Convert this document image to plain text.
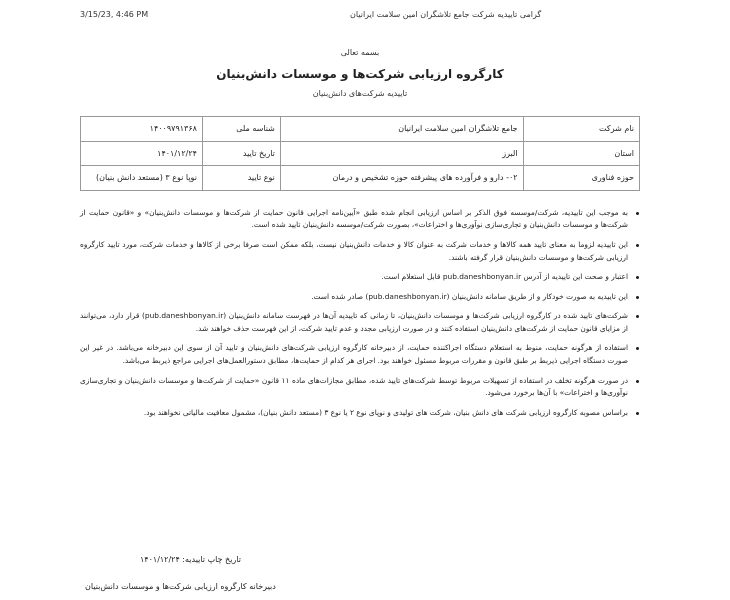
3/15/23, 4:46 PM	گرامی تاییدیه شرکت جامع تلاشگران امین سلامت ایرانیان
بسمه تعالی
کارگروه ارزیابی شرکت‌ها و موسسات دانش‌بنیان
تاییدیه شرکت‌های دانش‌بنیان
نام شرکت	جامع تلاشگران امین سلامت ایرانیان	شناسه ملی	۱۴۰۰۹۷۹۱۳۶۸
استان	البرز	تاریخ تایید	۱۴۰۱/۱۲/۲۴
حوزه فناوری	۰۲- دارو و فرآورده های پیشرفته حوزه تشخیص و درمان	نوع تایید	نوپا نوع ۳ (مستعد دانش بنیان)
به موجب این تاییدیه، شرکت/موسسه فوق الذکر بر اساس ارزیابی انجام شده طبق «آیین‌نامه اجرایی قانون حمایت از شرکت‌ها و موسسات دانش‌بنیان» و «قانون حمایت از شرکت‌ها و موسسات دانش‌بنیان و تجاری‌سازی نوآوری‌ها و اختراعات»، بصورت شرکت/موسسه دانش‌بنیان تایید شده است.
این تاییدیه لزوما به معنای تایید همه کالاها و خدمات شرکت به عنوان کالا و خدمات دانش‌بنیان نیست، بلکه ممکن است صرفا برخی از کالاها و خدمات شرکت، مورد تایید کارگروه ارزیابی شرکت‌ها و موسسات دانش‌بنیان قرار گرفته باشند.
اعتبار و صحت این تاییدیه از آدرس pub.daneshbonyan.ir قابل استعلام است.
این تاییدیه به صورت خودکار و از طریق سامانه دانش‌بنیان (pub.daneshbonyan.ir) صادر شده است.
شرکت‌های تایید شده در کارگروه ارزیابی شرکت‌ها و موسسات دانش‌بنیان، تا زمانی که تاییدیه آن‌ها در فهرست سامانه دانش‌بنیان (pub.daneshbonyan.ir) قرار دارد، می‌توانند از مزایای قانون حمایت از شرکت‌های دانش‌بنیان استفاده کنند و در صورت ارزیابی مجدد و عدم تایید شرکت، از این فهرست حذف خواهند شد.
استفاده از هرگونه حمایت، منوط به استعلام دستگاه اجراکننده حمایت، از دبیرخانه کارگروه ارزیابی شرکت‌های دانش‌بنیان و تایید آن از سوی این دبیرخانه می‌باشد. در غیر این صورت دستگاه اجرایی ذیربط بر طبق قانون و مقررات مربوط مسئول خواهند بود. اجرای هر کدام از حمایت‌ها، مطابق دستورالعمل‌های اجرایی مراجع ذیربط می‌باشد.
در صورت هرگونه تخلف در استفاده از تسهیلات مربوط توسط شرکت‌های تایید شده، مطابق مجازات‌های ماده ۱۱ قانون «حمایت از شرکت‌ها و موسسات دانش‌بنیان و تجاری‌سازی نوآوری‌ها و اختراعات» با آن‌ها برخورد می‌شود.
براساس مصوبه کارگروه ارزیابی شرکت های دانش بنیان، شرکت های تولیدی و نوپای نوع ۲ یا نوع ۳ (مستعد دانش بنیان)، مشمول معافیت مالیاتی نخواهند بود.
تاریخ چاپ تاییدیه: ۱۴۰۱/۱۲/۲۴
دبیرخانه کارگروه ارزیابی شرکت‌ها و موسسات دانش‌بنیان
